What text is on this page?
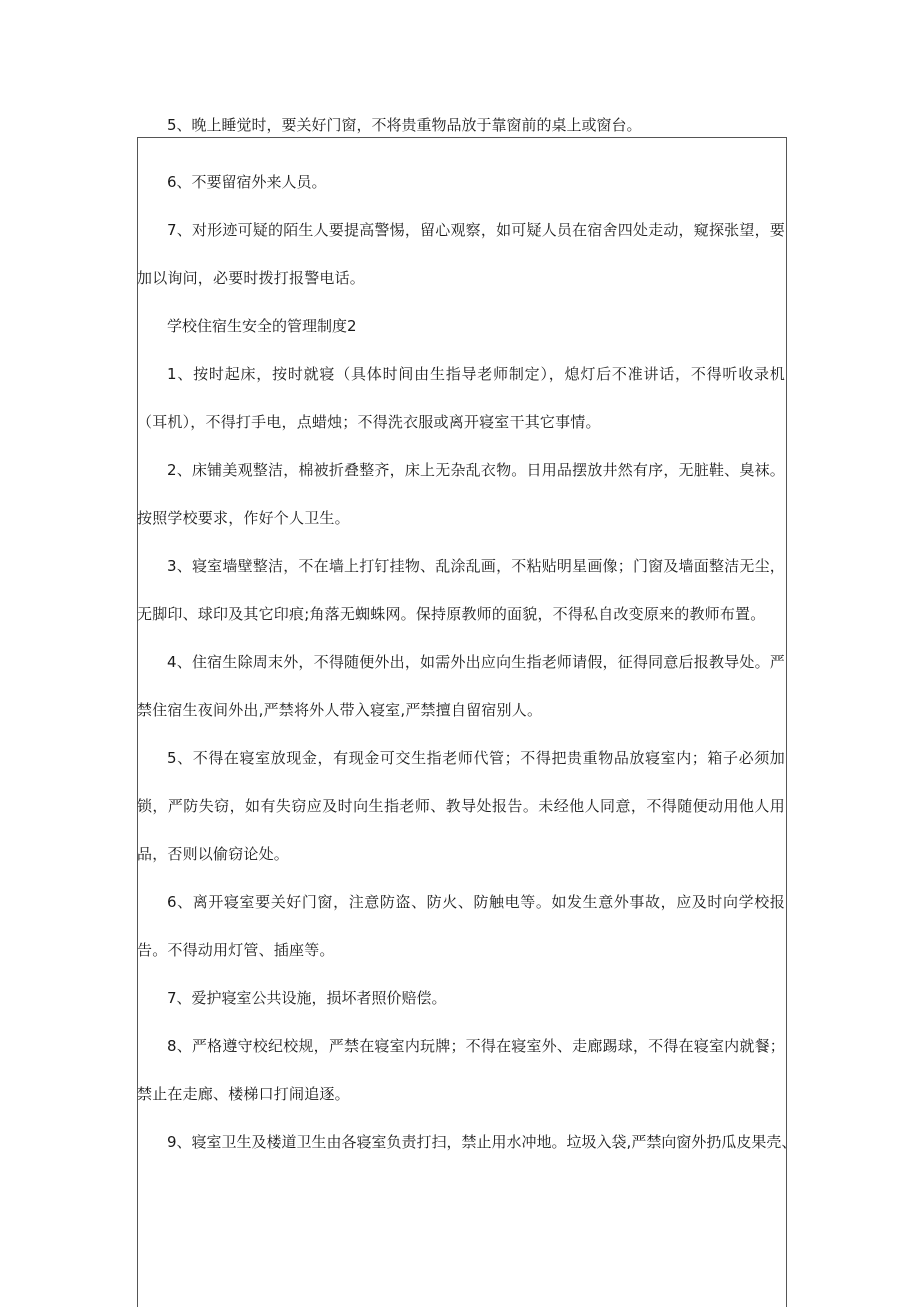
5、晚上睡觉时，要关好门窗，不将贵重物品放于靠窗前的桌上或窗台。

6、不要留宿外来人员。

7、对形迹可疑的陌生人要提高警惕，留心观察，如可疑人员在宿舍四处走动，窥探张望，要加以询问，必要时拨打报警电话。

学校住宿生安全的管理制度2

1、按时起床，按时就寝（具体时间由生指导老师制定），熄灯后不准讲话，不得听收录机（耳机），不得打手电，点蜡烛；不得洗衣服或离开寝室干其它事情。

2、床铺美观整洁，棉被折叠整齐，床上无杂乱衣物。日用品摆放井然有序，无脏鞋、臭袜。按照学校要求，作好个人卫生。

3、寝室墙壁整洁，不在墙上打钉挂物、乱涂乱画，不粘贴明星画像；门窗及墙面整洁无尘，无脚印、球印及其它印痕;角落无蜘蛛网。保持原教师的面貌，不得私自改变原来的教师布置。

4、住宿生除周末外，不得随便外出，如需外出应向生指老师请假，征得同意后报教导处。严禁住宿生夜间外出,严禁将外人带入寝室,严禁擅自留宿别人。

5、不得在寝室放现金，有现金可交生指老师代管；不得把贵重物品放寝室内；箱子必须加锁，严防失窃，如有失窃应及时向生指老师、教导处报告。未经他人同意，不得随便动用他人用品，否则以偷窃论处。

6、离开寝室要关好门窗，注意防盗、防火、防触电等。如发生意外事故，应及时向学校报告。不得动用灯管、插座等。

7、爱护寝室公共设施，损坏者照价赔偿。

8、严格遵守校纪校规，严禁在寝室内玩牌；不得在寝室外、走廊踢球，不得在寝室内就餐；禁止在走廊、楼梯口打闹追逐。

9、寝室卫生及楼道卫生由各寝室负责打扫，禁止用水冲地。垃圾入袋,严禁向窗外扔瓜皮果壳、
